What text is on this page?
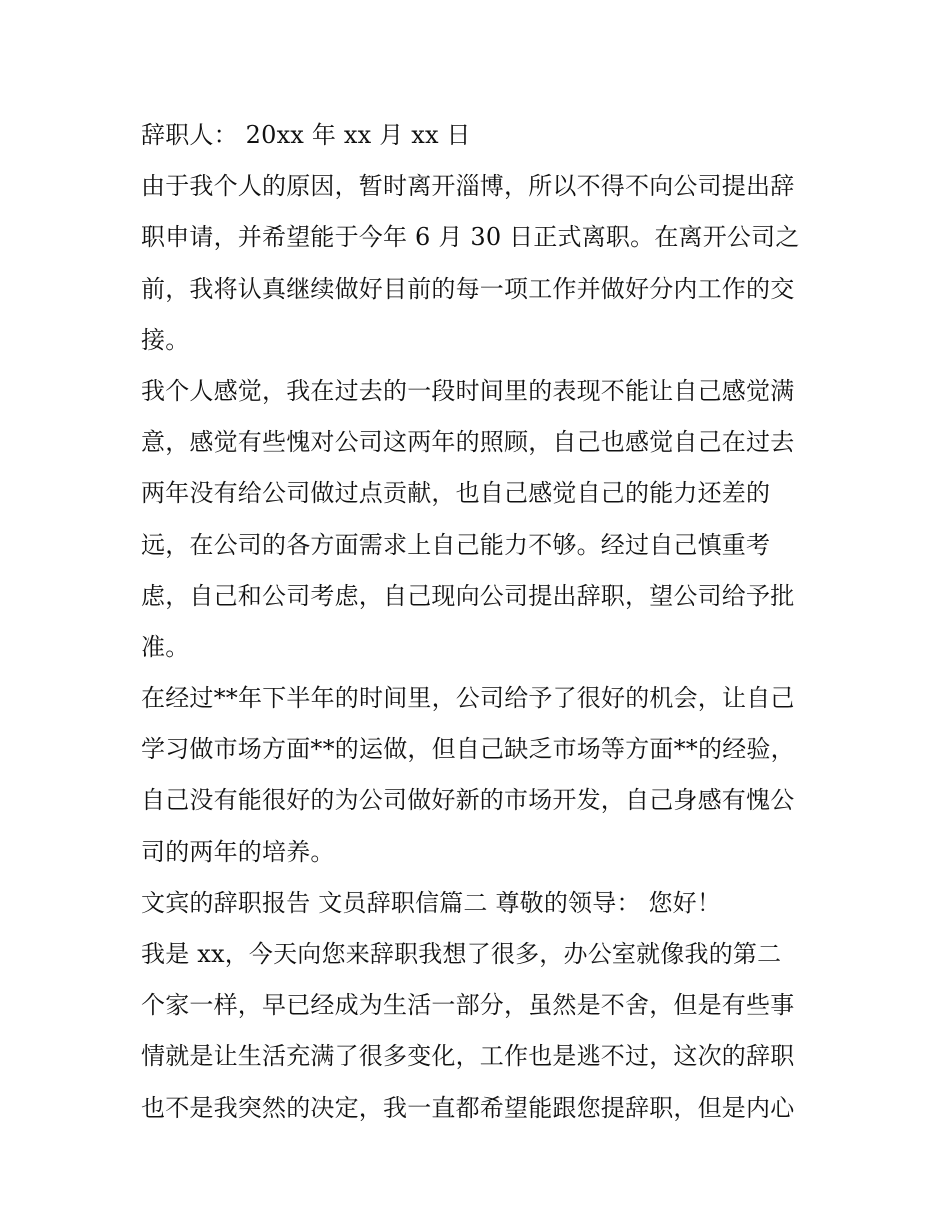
辞职人： 20xx 年 xx 月 xx 日
由于我个人的原因，暂时离开淄博，所以不得不向公司提出辞
职申请，并希望能于今年 6 月 30 日正式离职。在离开公司之
前，我将认真继续做好目前的每一项工作并做好分内工作的交
接。
我个人感觉，我在过去的一段时间里的表现不能让自己感觉满
意，感觉有些愧对公司这两年的照顾，自己也感觉自己在过去
两年没有给公司做过点贡献，也自己感觉自己的能力还差的
远，在公司的各方面需求上自己能力不够。经过自己慎重考
虑，自己和公司考虑，自己现向公司提出辞职，望公司给予批
准。
在经过**年下半年的时间里，公司给予了很好的机会，让自己
学习做市场方面**的运做，但自己缺乏市场等方面**的经验，
自己没有能很好的为公司做好新的市场开发，自己身感有愧公
司的两年的培养。
文宾的辞职报告 文员辞职信篇二 尊敬的领导： 您好！
我是 xx，今天向您来辞职我想了很多，办公室就像我的第二
个家一样，早已经成为生活一部分，虽然是不舍，但是有些事
情就是让生活充满了很多变化，工作也是逃不过，这次的辞职
也不是我突然的决定，我一直都希望能跟您提辞职，但是内心
